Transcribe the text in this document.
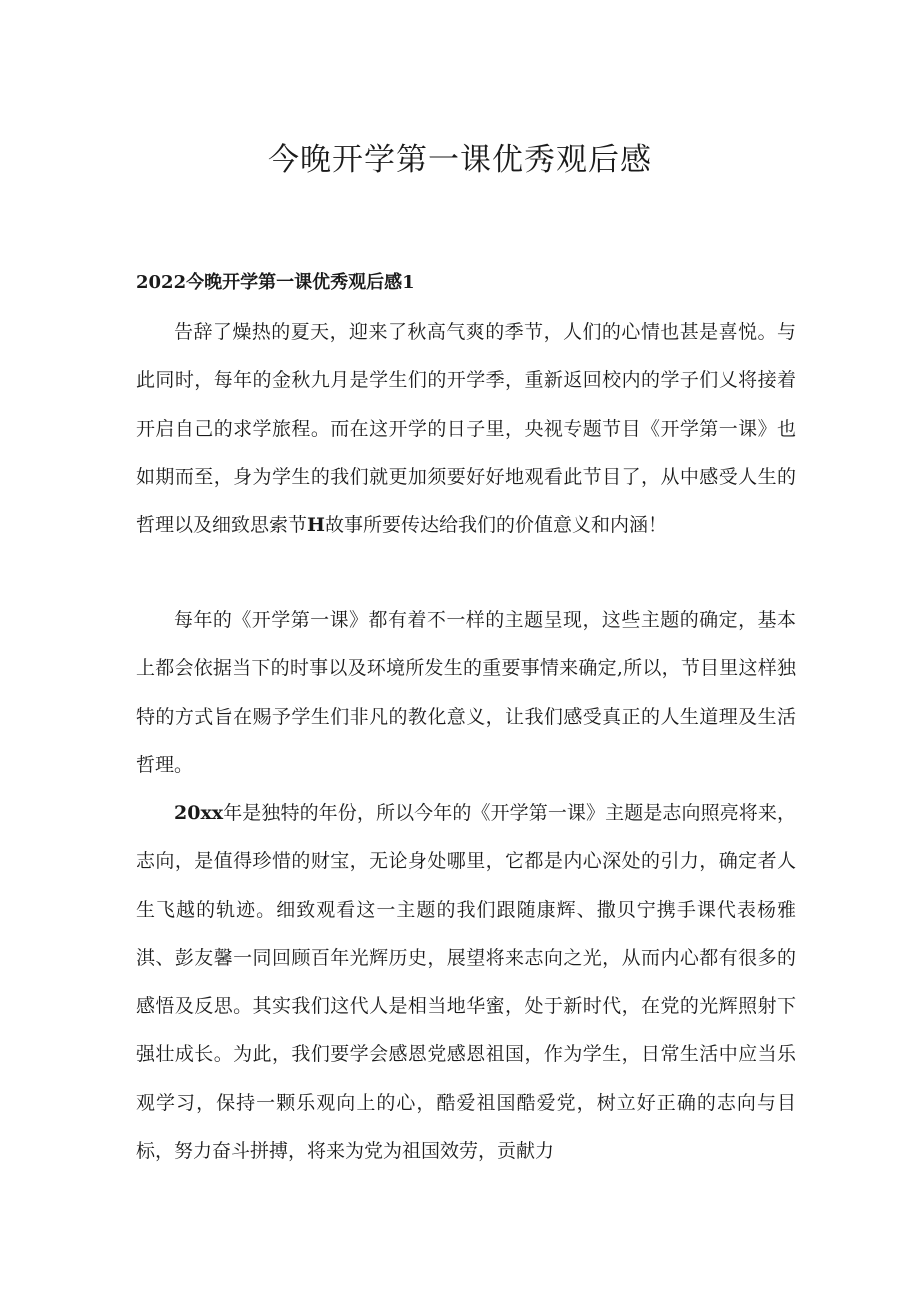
今晚开学第一课优秀观后感
2022今晚开学第一课优秀观后感1

告辞了燥热的夏天，迎来了秋高气爽的季节，人们的心情也甚是喜悦。与此同时，每年的金秋九月是学生们的开学季，重新返回校内的学子们乂将接着开启自己的求学旅程。而在这开学的日子里，央视专题节目《开学第一课》也如期而至，身为学生的我们就更加须要好好地观看此节目了，从中感受人生的哲理以及细致思索节H故事所要传达给我们的价值意义和内涵！

每年的《开学第一课》都有着不一样的主题呈现，这些主题的确定，基本上都会依据当下的时事以及环境所发生的重要事情来确定,所以，节目里这样独特的方式旨在赐予学生们非凡的教化意义，让我们感受真正的人生道理及生活哲理。

20xx年是独特的年份，所以今年的《开学第一课》主题是志向照亮将来，志向，是值得珍惜的财宝，无论身处哪里，它都是内心深处的引力，确定者人生飞越的轨迹。细致观看这一主题的我们跟随康辉、撒贝宁携手课代表杨雅淇、彭友馨一同回顾百年光辉历史，展望将来志向之光，从而内心都有很多的感悟及反思。其实我们这代人是相当地华蜜，处于新时代，在党的光辉照射下强壮成长。为此，我们要学会感恩党感恩祖国，作为学生，日常生活中应当乐观学习，保持一颗乐观向上的心，酷爱祖国酷爱党，树立好正确的志向与目标，努力奋斗拼搏，将来为党为祖国效劳，贡献力
